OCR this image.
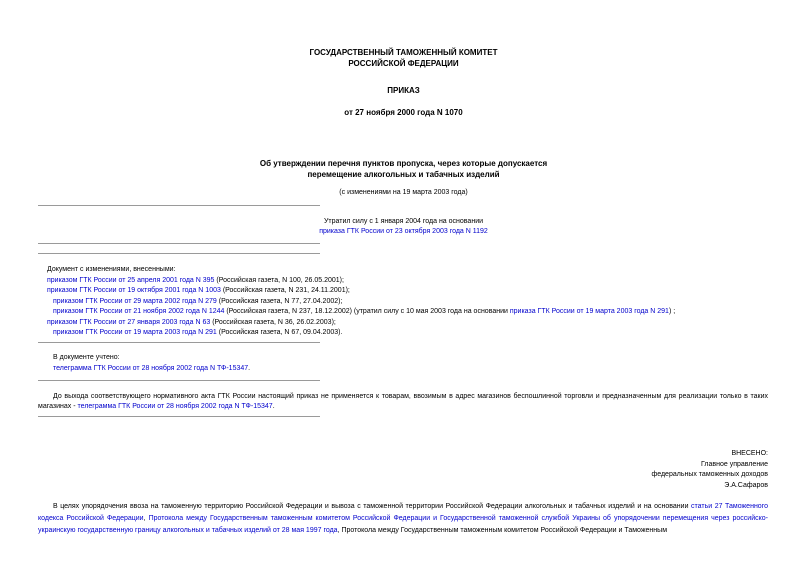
ГОСУДАРСТВЕННЫЙ ТАМОЖЕННЫЙ КОМИТЕТ
РОССИЙСКОЙ ФЕДЕРАЦИИ
ПРИКАЗ
от 27 ноября 2000 года N 1070
Об утверждении перечня пунктов пропуска, через которые допускается
перемещение алкогольных и табачных изделий
(с изменениями на 19 марта 2003 года)
Утратил силу с 1 января 2004 года на основании
приказа ГТК России от 23 октября 2003 года N 1192
Документ с изменениями, внесенными:
приказом ГТК России от 25 апреля 2001 года N 395 (Российская газета, N 100, 26.05.2001);
приказом ГТК России от 19 октября 2001 года N 1003 (Российская газета, N 231, 24.11.2001);
приказом ГТК России от 29 марта 2002 года N 279 (Российская газета, N 77, 27.04.2002);
приказом ГТК России от 21 ноября 2002 года N 1244 (Российская газета, N 237, 18.12.2002) (утратил силу с 10 мая 2003 года на основании приказа ГТК России от 19 марта 2003 года N 291) ;
приказом ГТК России от 27 января 2003 года N 63 (Российская газета, N 36, 26.02.2003);
приказом ГТК России от 19 марта 2003 года N 291 (Российская газета, N 67, 09.04.2003).
В документе учтено:
телеграмма ГТК России от 28 ноября 2002 года N ТФ-15347.
До выхода соответствующего нормативного акта ГТК России настоящий приказ не применяется к товарам, ввозимым в адрес магазинов беспошлинной торговли и предназначенным для реализации только в таких магазинах - телеграмма ГТК России от 28 ноября 2002 года N ТФ-15347.
ВНЕСЕНО:
Главное управление
федеральных таможенных доходов
Э.А.Сафаров
В целях упорядочения ввоза на таможенную территорию Российской Федерации и вывоза с таможенной территории Российской Федерации алкогольных и табачных изделий и на основании статьи 27 Таможенного кодекса Российской Федерации, Протокола между Государственным таможенным комитетом Российской Федерации и Государственной таможенной службой Украины об упорядочении перемещения через российско-украинскую государственную границу алкогольных и табачных изделий от 28 мая 1997 года, Протокола между Государственным таможенным комитетом Российской Федерации и Таможенным
